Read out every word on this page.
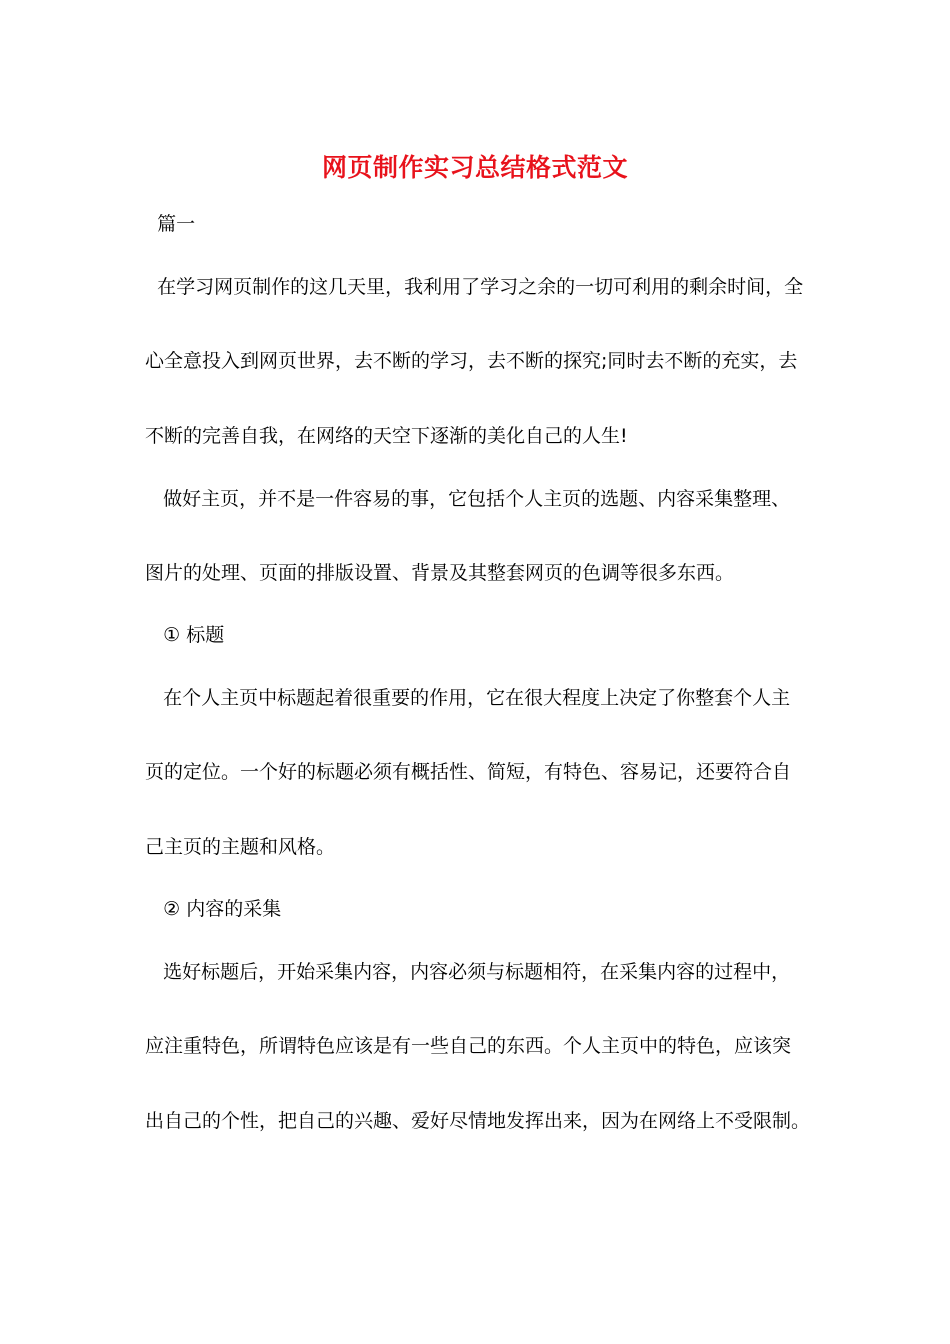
网页制作实习总结格式范文
篇一
在学习网页制作的这几天里，我利用了学习之余的一切可利用的剩余时间，全
心全意投入到网页世界，去不断的学习，去不断的探究;同时去不断的充实，去
不断的完善自我，在网络的天空下逐渐的美化自己的人生!
做好主页，并不是一件容易的事，它包括个人主页的选题、内容采集整理、
图片的处理、页面的排版设置、背景及其整套网页的色调等很多东西。
① 标题
在个人主页中标题起着很重要的作用，它在很大程度上决定了你整套个人主
页的定位。一个好的标题必须有概括性、简短，有特色、容易记，还要符合自
己主页的主题和风格。
② 内容的采集
选好标题后，开始采集内容，内容必须与标题相符，在采集内容的过程中，
应注重特色，所谓特色应该是有一些自己的东西。个人主页中的特色，应该突
出自己的个性，把自己的兴趣、爱好尽情地发挥出来，因为在网络上不受限制。
